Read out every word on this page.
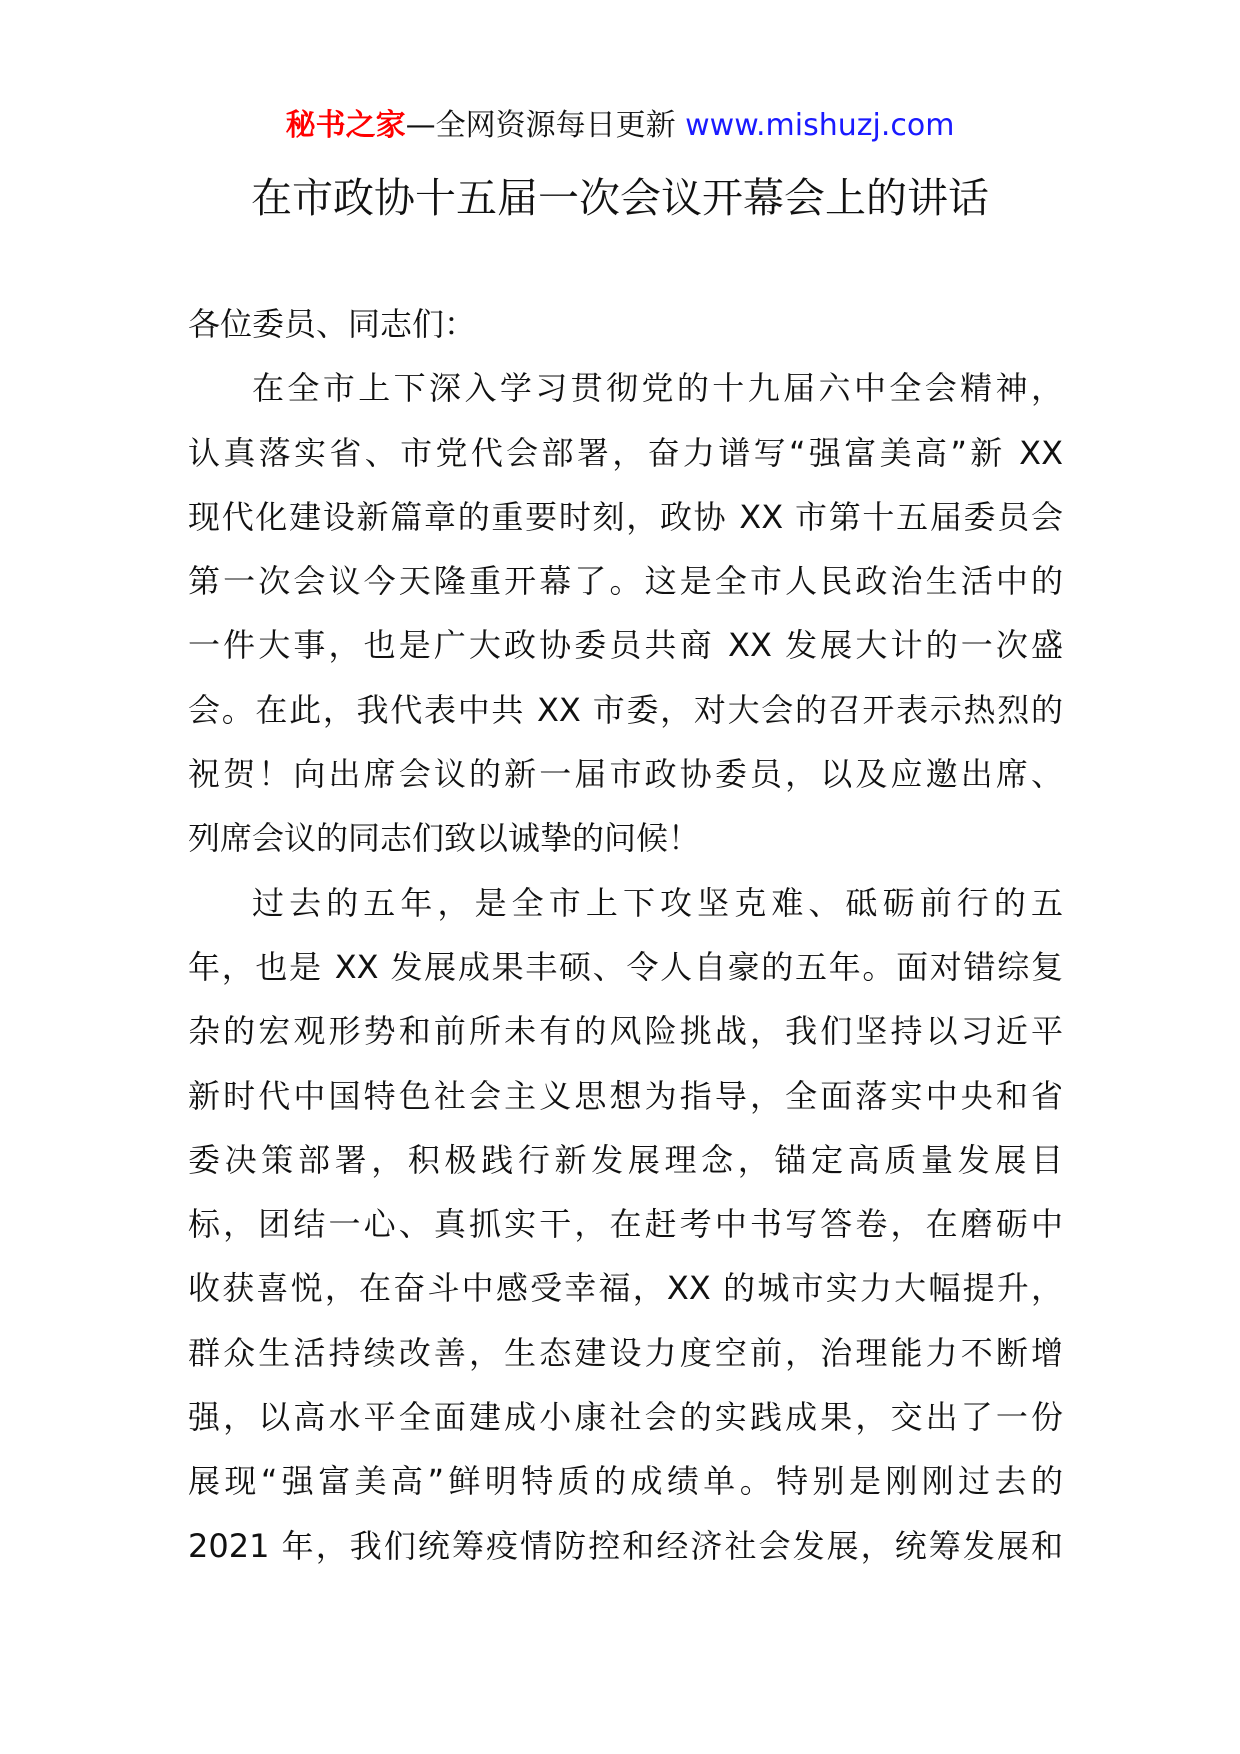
秘书之家—全网资源每日更新 www.mishuzj.com
在市政协十五届一次会议开幕会上的讲话
各位委员、同志们：
在全市上下深入学习贯彻党的十九届六中全会精神，
认真落实省、市党代会部署，奋力谱写“强富美高”新 XX
现代化建设新篇章的重要时刻，政协 XX 市第十五届委员会
第一次会议今天隆重开幕了。这是全市人民政治生活中的
一件大事，也是广大政协委员共商 XX 发展大计的一次盛
会。在此，我代表中共 XX 市委，对大会的召开表示热烈的
祝贺！向出席会议的新一届市政协委员，以及应邀出席、
列席会议的同志们致以诚挚的问候！
过去的五年，是全市上下攻坚克难、砥砺前行的五
年，也是 XX 发展成果丰硕、令人自豪的五年。面对错综复
杂的宏观形势和前所未有的风险挑战，我们坚持以习近平
新时代中国特色社会主义思想为指导，全面落实中央和省
委决策部署，积极践行新发展理念，锚定高质量发展目
标，团结一心、真抓实干，在赶考中书写答卷，在磨砺中
收获喜悦，在奋斗中感受幸福，XX 的城市实力大幅提升，
群众生活持续改善，生态建设力度空前，治理能力不断增
强，以高水平全面建成小康社会的实践成果，交出了一份
展现“强富美高”鲜明特质的成绩单。特别是刚刚过去的
2021 年，我们统筹疫情防控和经济社会发展，统筹发展和
